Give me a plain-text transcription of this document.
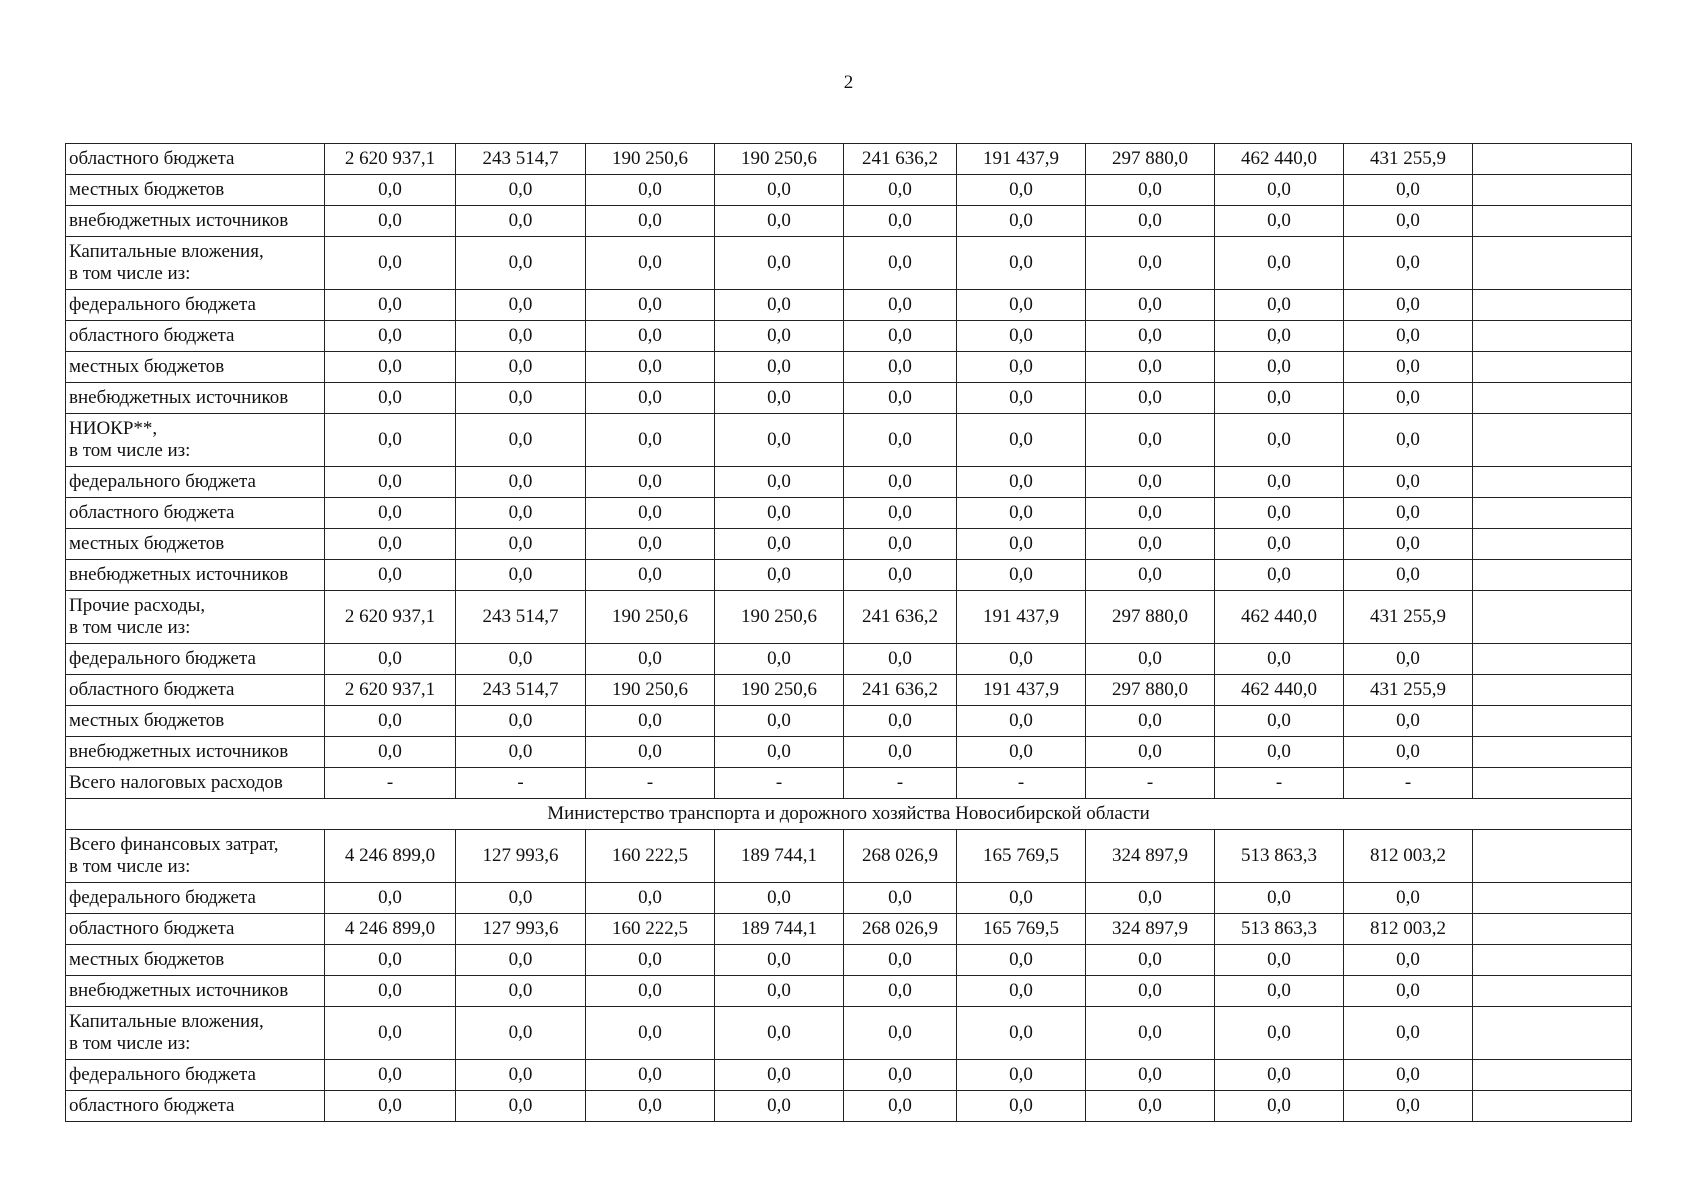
2
областного бюджета	2 620 937,1	243 514,7	190 250,6	190 250,6	241 636,2	191 437,9	297 880,0	462 440,0	431 255,9	
местных бюджетов	0,0	0,0	0,0	0,0	0,0	0,0	0,0	0,0	0,0	
внебюджетных источников	0,0	0,0	0,0	0,0	0,0	0,0	0,0	0,0	0,0	
Капитальные вложения,
в том числе из:	0,0	0,0	0,0	0,0	0,0	0,0	0,0	0,0	0,0	
федерального бюджета	0,0	0,0	0,0	0,0	0,0	0,0	0,0	0,0	0,0	
областного бюджета	0,0	0,0	0,0	0,0	0,0	0,0	0,0	0,0	0,0	
местных бюджетов	0,0	0,0	0,0	0,0	0,0	0,0	0,0	0,0	0,0	
внебюджетных источников	0,0	0,0	0,0	0,0	0,0	0,0	0,0	0,0	0,0	
НИОКР**,
в том числе из:	0,0	0,0	0,0	0,0	0,0	0,0	0,0	0,0	0,0	
федерального бюджета	0,0	0,0	0,0	0,0	0,0	0,0	0,0	0,0	0,0	
областного бюджета	0,0	0,0	0,0	0,0	0,0	0,0	0,0	0,0	0,0	
местных бюджетов	0,0	0,0	0,0	0,0	0,0	0,0	0,0	0,0	0,0	
внебюджетных источников	0,0	0,0	0,0	0,0	0,0	0,0	0,0	0,0	0,0	
Прочие расходы,
в том числе из:	2 620 937,1	243 514,7	190 250,6	190 250,6	241 636,2	191 437,9	297 880,0	462 440,0	431 255,9	
федерального бюджета	0,0	0,0	0,0	0,0	0,0	0,0	0,0	0,0	0,0	
областного бюджета	2 620 937,1	243 514,7	190 250,6	190 250,6	241 636,2	191 437,9	297 880,0	462 440,0	431 255,9	
местных бюджетов	0,0	0,0	0,0	0,0	0,0	0,0	0,0	0,0	0,0	
внебюджетных источников	0,0	0,0	0,0	0,0	0,0	0,0	0,0	0,0	0,0	
Всего налоговых расходов	-	-	-	-	-	-	-	-	-	
Министерство транспорта и дорожного хозяйства Новосибирской области										
Всего финансовых затрат,
в том числе из:	4 246 899,0	127 993,6	160 222,5	189 744,1	268 026,9	165 769,5	324 897,9	513 863,3	812 003,2	
федерального бюджета	0,0	0,0	0,0	0,0	0,0	0,0	0,0	0,0	0,0	
областного бюджета	4 246 899,0	127 993,6	160 222,5	189 744,1	268 026,9	165 769,5	324 897,9	513 863,3	812 003,2	
местных бюджетов	0,0	0,0	0,0	0,0	0,0	0,0	0,0	0,0	0,0	
внебюджетных источников	0,0	0,0	0,0	0,0	0,0	0,0	0,0	0,0	0,0	
Капитальные вложения,
в том числе из:	0,0	0,0	0,0	0,0	0,0	0,0	0,0	0,0	0,0	
федерального бюджета	0,0	0,0	0,0	0,0	0,0	0,0	0,0	0,0	0,0	
областного бюджета	0,0	0,0	0,0	0,0	0,0	0,0	0,0	0,0	0,0	
